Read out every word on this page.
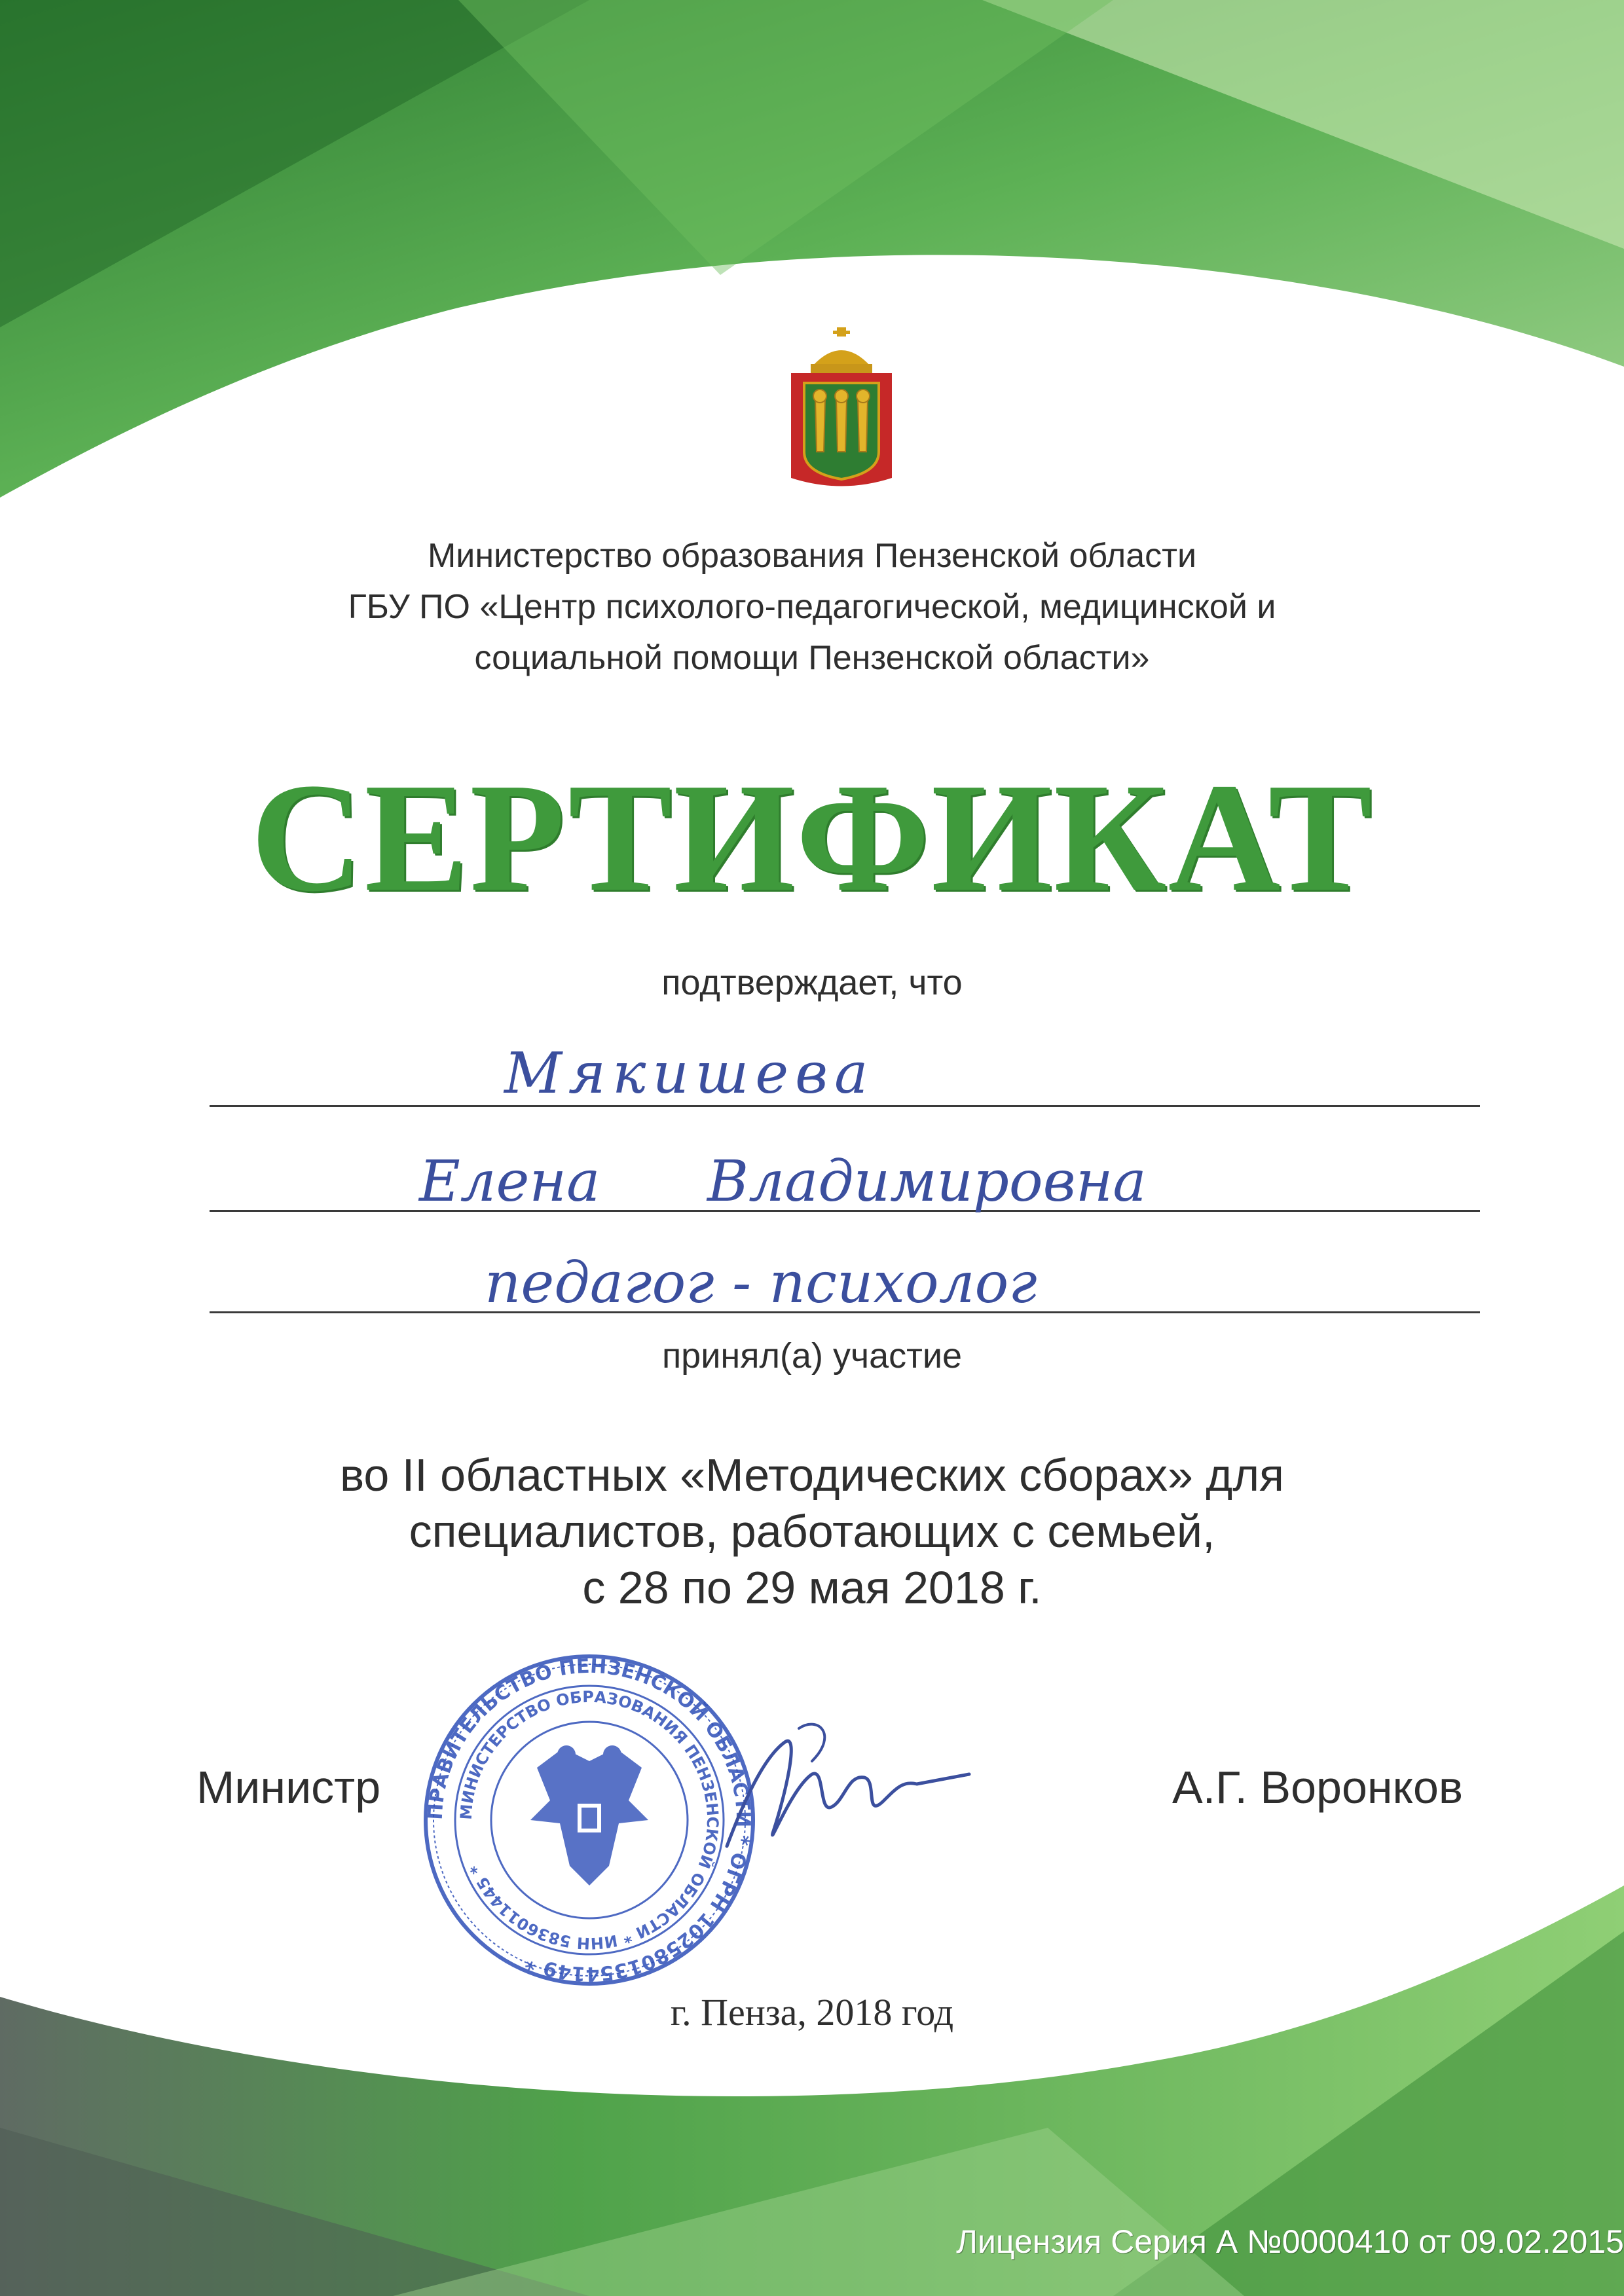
Министерство образования Пензенской области
ГБУ ПО «Центр психолого-педагогической, медицинской и
социальной помощи Пензенской области»
СЕРТИФИКАТ
подтверждает, что
Мякишева
Елена Владимировна
педагог - психолог
принял(а) участие
во II областных «Методических сборах» для
специалистов, работающих с семьей,
с 28 по 29 мая 2018 г.
Министр	А.Г. Воронков
ПРАВИТЕЛЬСТВО ПЕНЗЕНСКОЙ ОБЛАСТИ * ОГРН 1025801354149 *
МИНИСТЕРСТВО ОБРАЗОВАНИЯ ПЕНЗЕНСКОЙ ОБЛАСТИ * ИНН 5836011445 *
г. Пенза, 2018 год
Лицензия Серия А №0000410 от 09.02.2015
